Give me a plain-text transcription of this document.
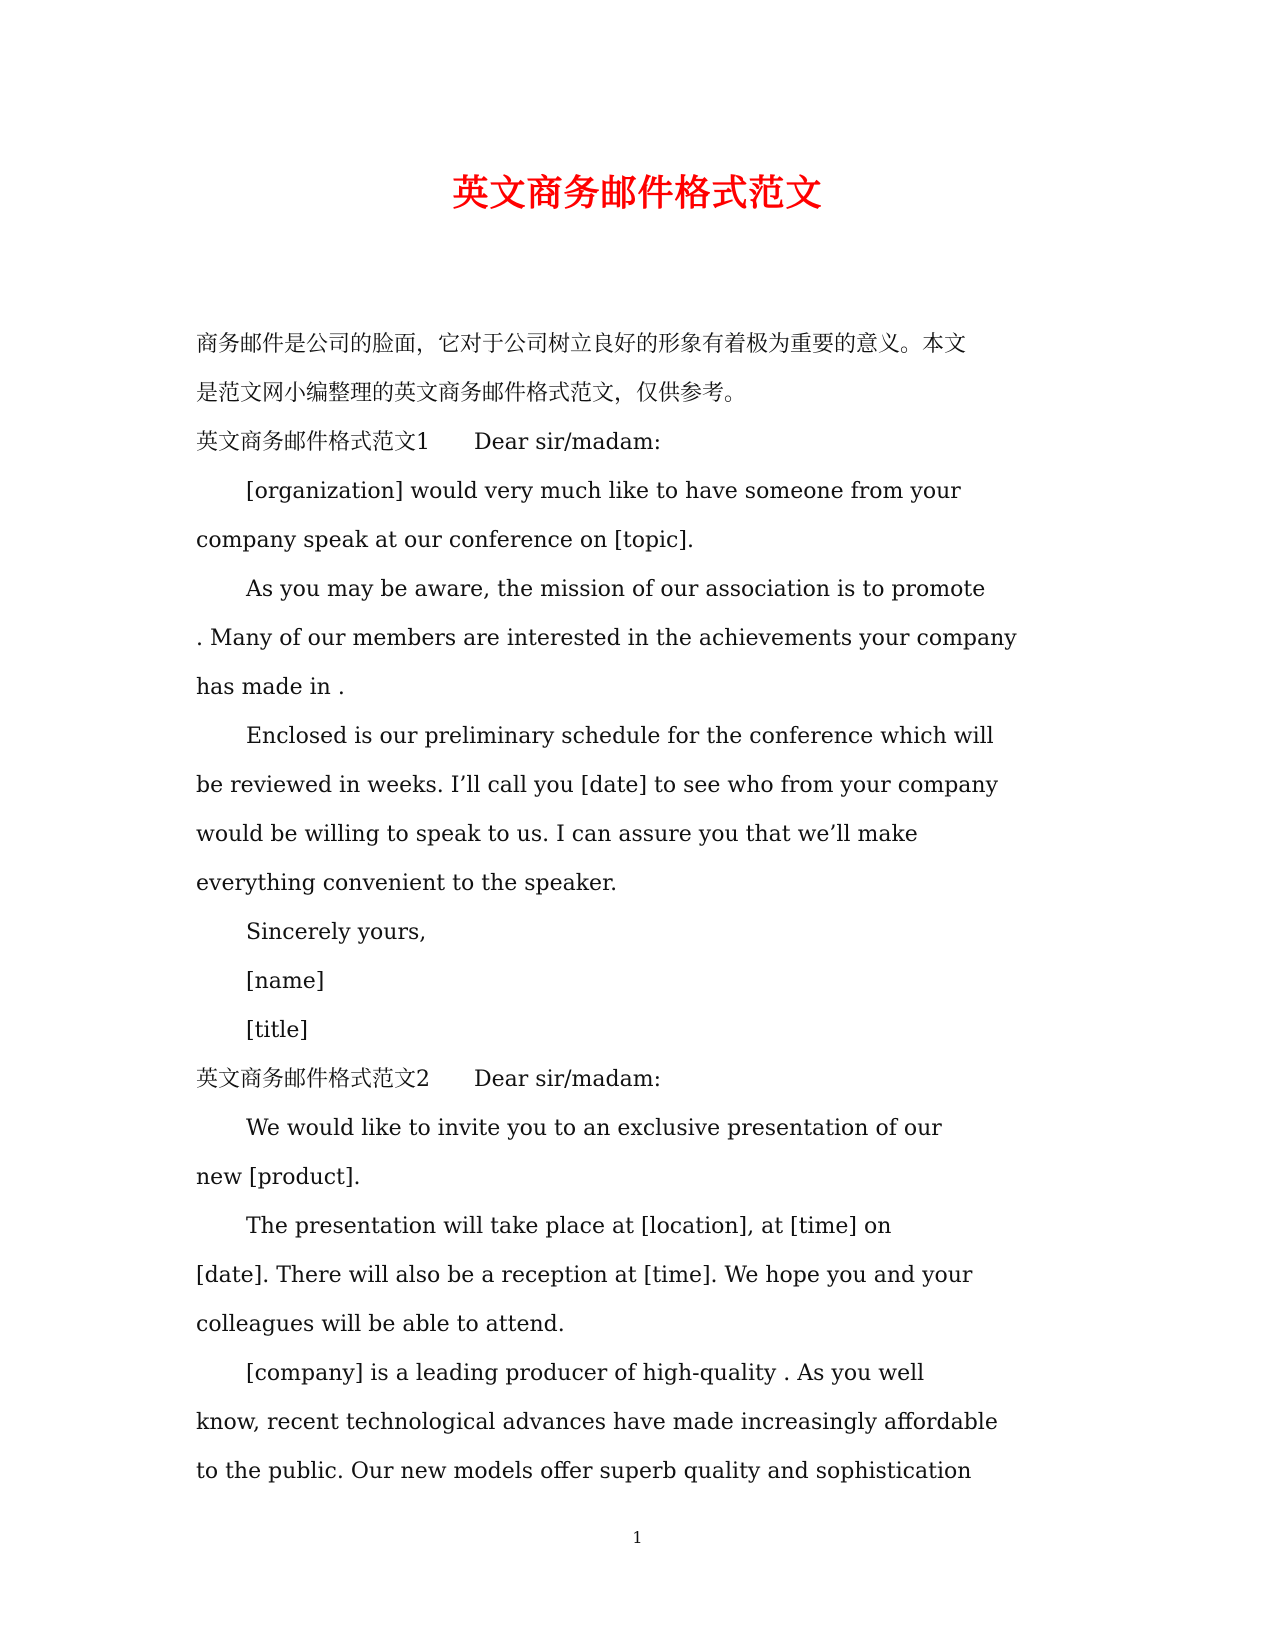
英文商务邮件格式范文
商务邮件是公司的脸面，它对于公司树立良好的形象有着极为重要的意义。本文
是范文网小编整理的英文商务邮件格式范文，仅供参考。
英文商务邮件格式范文1 Dear sir/madam:
[organization] would very much like to have someone from your
company speak at our conference on [topic].
As you may be aware, the mission of our association is to promote
. Many of our members are interested in the achievements your company
has made in .
Enclosed is our preliminary schedule for the conference which will
be reviewed in weeks. I’ll call you [date] to see who from your company
would be willing to speak to us. I can assure you that we’ll make
everything convenient to the speaker.
Sincerely yours,
[name]
[title]
英文商务邮件格式范文2 Dear sir/madam:
We would like to invite you to an exclusive presentation of our
new [product].
The presentation will take place at [location], at [time] on
[date]. There will also be a reception at [time]. We hope you and your
colleagues will be able to attend.
[company] is a leading producer of high-quality . As you well
know, recent technological advances have made increasingly affordable
to the public. Our new models offer superb quality and sophistication
1
